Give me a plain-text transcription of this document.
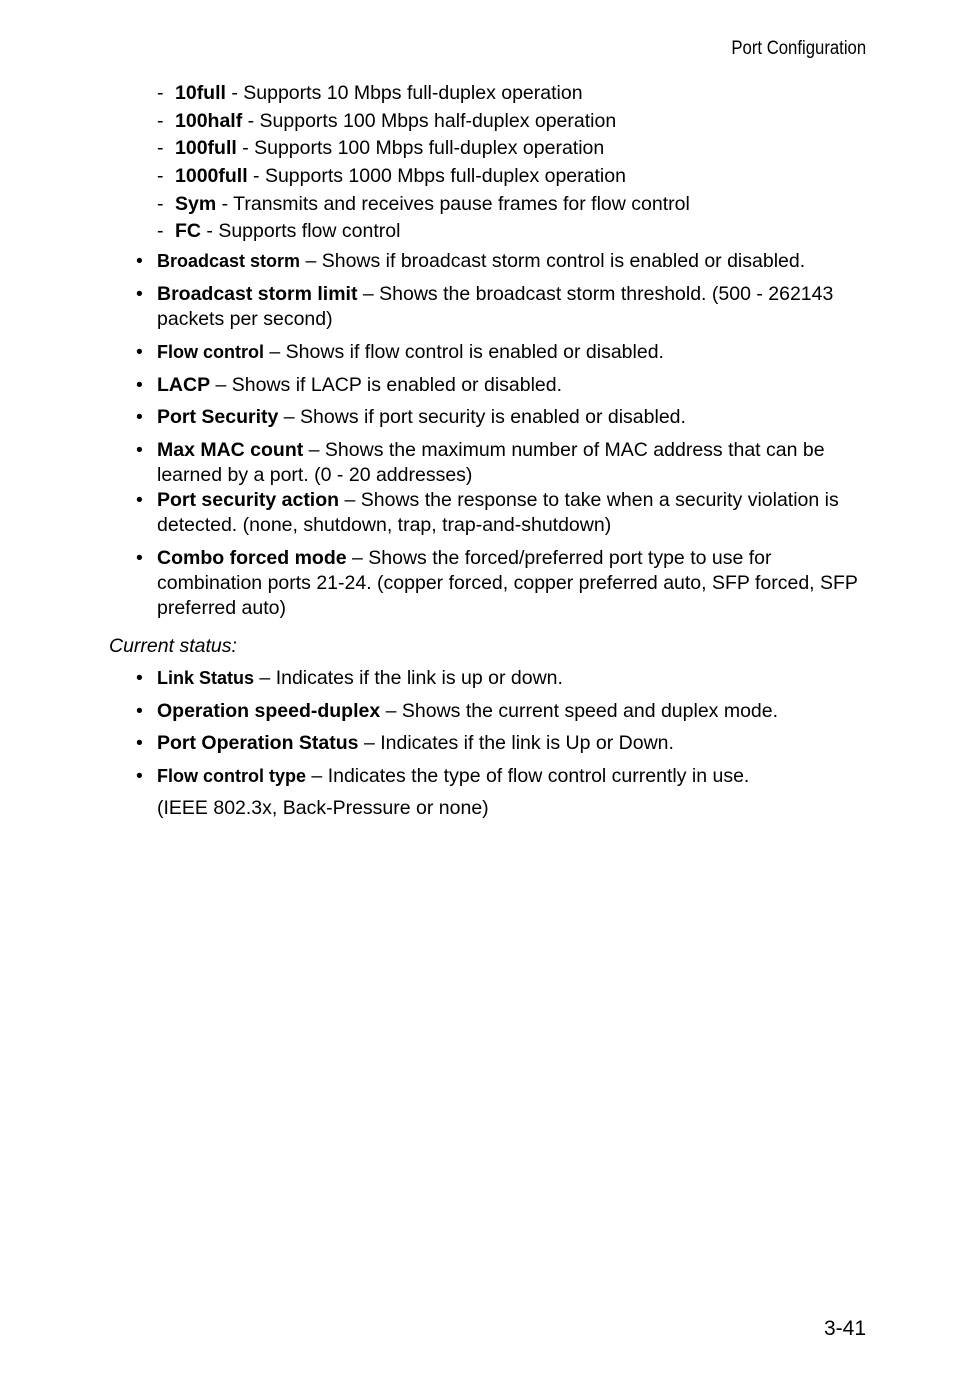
Port Configuration
- 10full - Supports 10 Mbps full-duplex operation
- 100half - Supports 100 Mbps half-duplex operation
- 100full - Supports 100 Mbps full-duplex operation
- 1000full - Supports 1000 Mbps full-duplex operation
- Sym - Transmits and receives pause frames for flow control
- FC - Supports flow control
• Broadcast storm – Shows if broadcast storm control is enabled or disabled.
• Broadcast storm limit – Shows the broadcast storm threshold. (500 - 262143 packets per second)
• Flow control – Shows if flow control is enabled or disabled.
• LACP – Shows if LACP is enabled or disabled.
• Port Security – Shows if port security is enabled or disabled.
• Max MAC count – Shows the maximum number of MAC address that can be learned by a port. (0 - 20 addresses)
• Port security action – Shows the response to take when a security violation is detected. (none, shutdown, trap, trap-and-shutdown)
• Combo forced mode – Shows the forced/preferred port type to use for combination ports 21-24. (copper forced, copper preferred auto, SFP forced, SFP preferred auto)
Current status:
• Link Status – Indicates if the link is up or down.
• Operation speed-duplex – Shows the current speed and duplex mode.
• Port Operation Status – Indicates if the link is Up or Down.
• Flow control type – Indicates the type of flow control currently in use.
(IEEE 802.3x, Back-Pressure or none)
3-41
